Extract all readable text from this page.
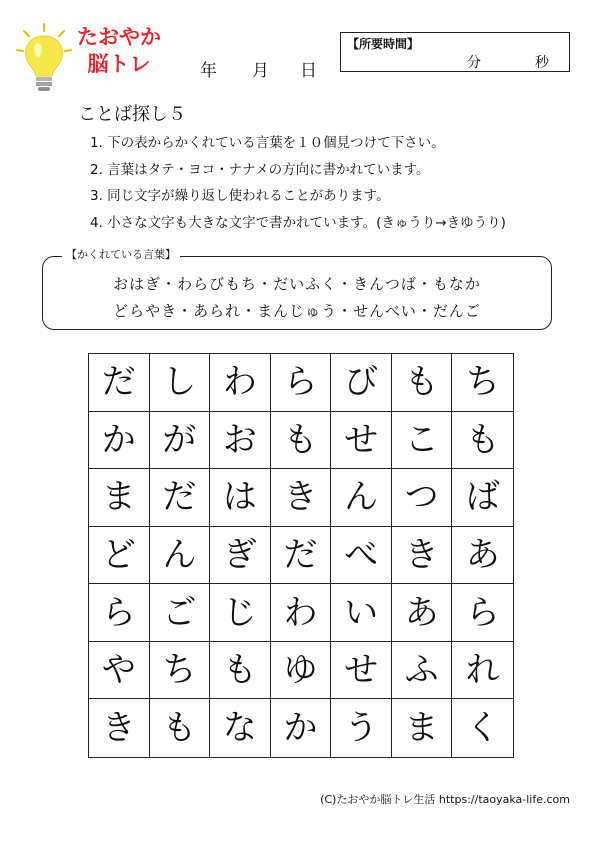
たおやか
脳トレ	年 月 日
【所要時間】
分	秒
ことば探し５
1. 下の表からかくれている言葉を１０個見つけて下さい。
2. 言葉はタテ・ヨコ・ナナメの方向に書かれています。
3. 同じ文字が繰り返し使われることがあります。
4. 小さな文字も大きな文字で書かれています。(きゅうり→きゆうり)
【かくれている言葉】
おはぎ・わらびもち・だいふく・きんつば・もなか
どらやき・あられ・まんじゅう・せんべい・だんご
だ し わ ら び も ち
か が お も せ こ も
ま だ は き ん つ ば
ど ん ぎ だ べ き あ
ら ご じ わ い あ ら
や ち も ゆ せ ふ れ
き も な か う ま く
(C)たおやか脳トレ生活 https://taoyaka-life.com
